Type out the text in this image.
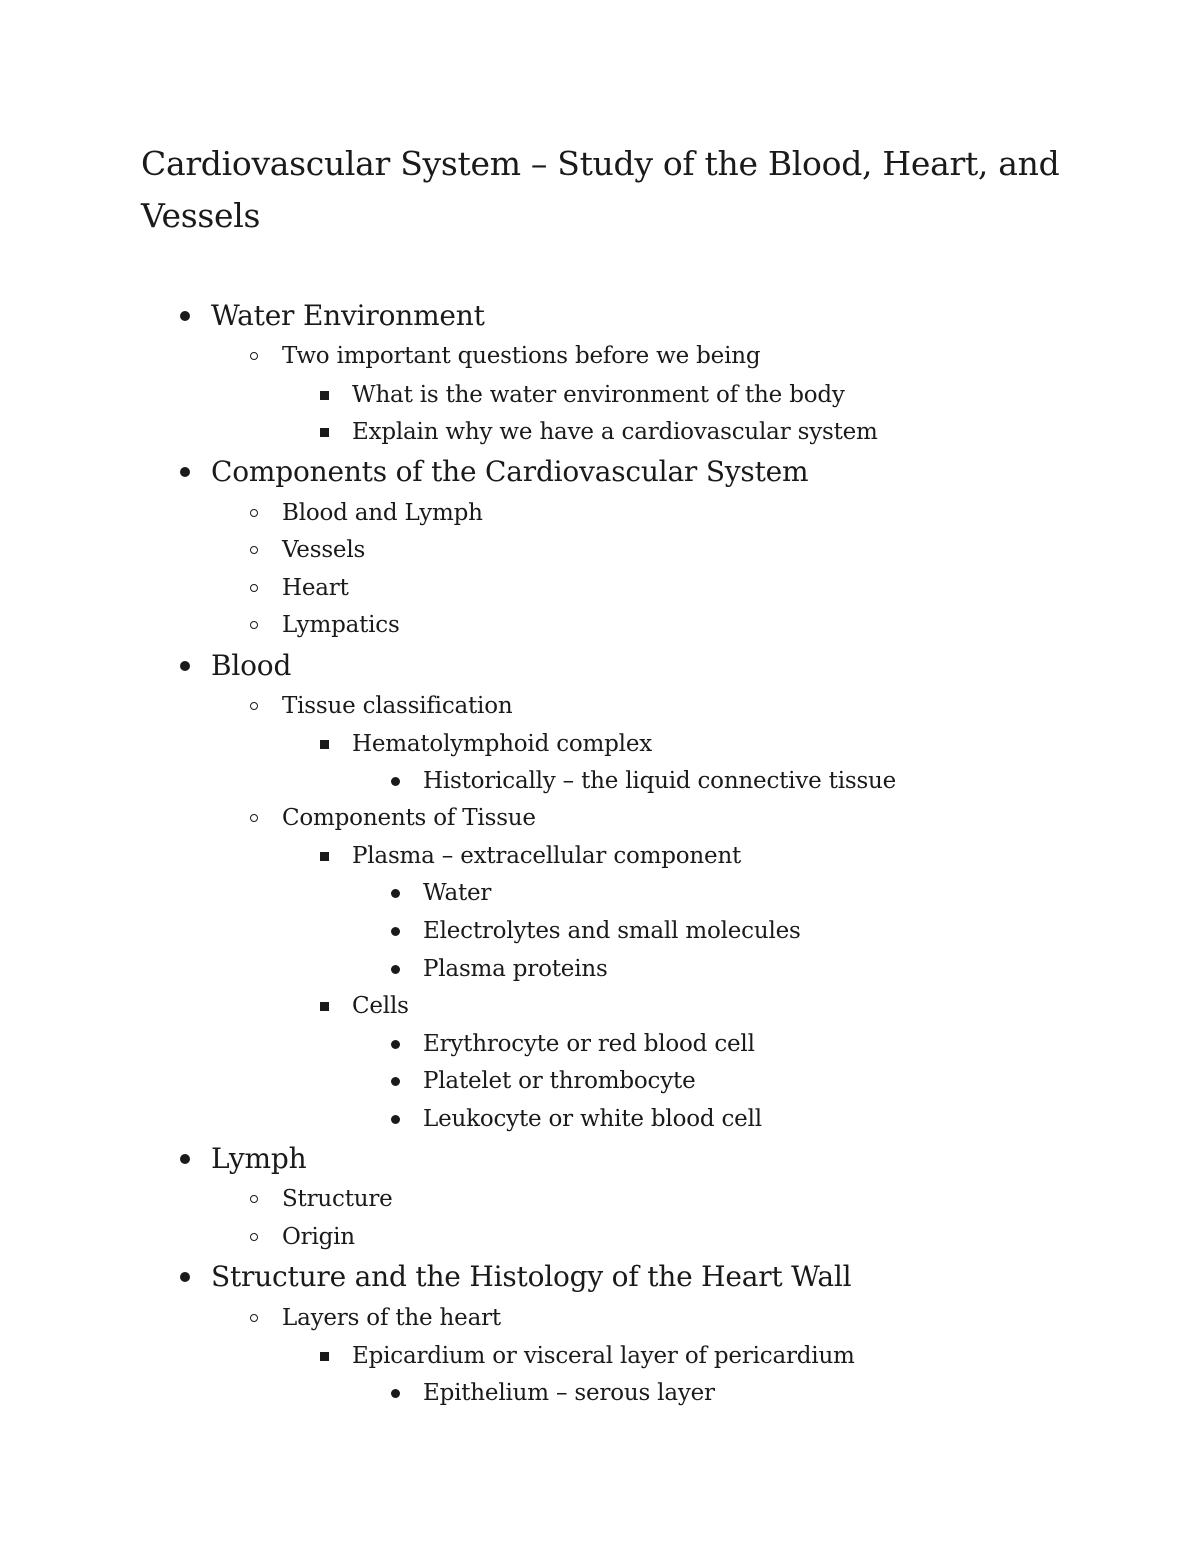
Cardiovascular System – Study of the Blood, Heart, and Vessels
Water Environment
Two important questions before we being
What is the water environment of the body
Explain why we have a cardiovascular system
Components of the Cardiovascular System
Blood and Lymph
Vessels
Heart
Lympatics
Blood
Tissue classification
Hematolymphoid complex
Historically – the liquid connective tissue
Components of Tissue
Plasma – extracellular component
Water
Electrolytes and small molecules
Plasma proteins
Cells
Erythrocyte or red blood cell
Platelet or thrombocyte
Leukocyte or white blood cell
Lymph
Structure
Origin
Structure and the Histology of the Heart Wall
Layers of the heart
Epicardium or visceral layer of pericardium
Epithelium – serous layer
